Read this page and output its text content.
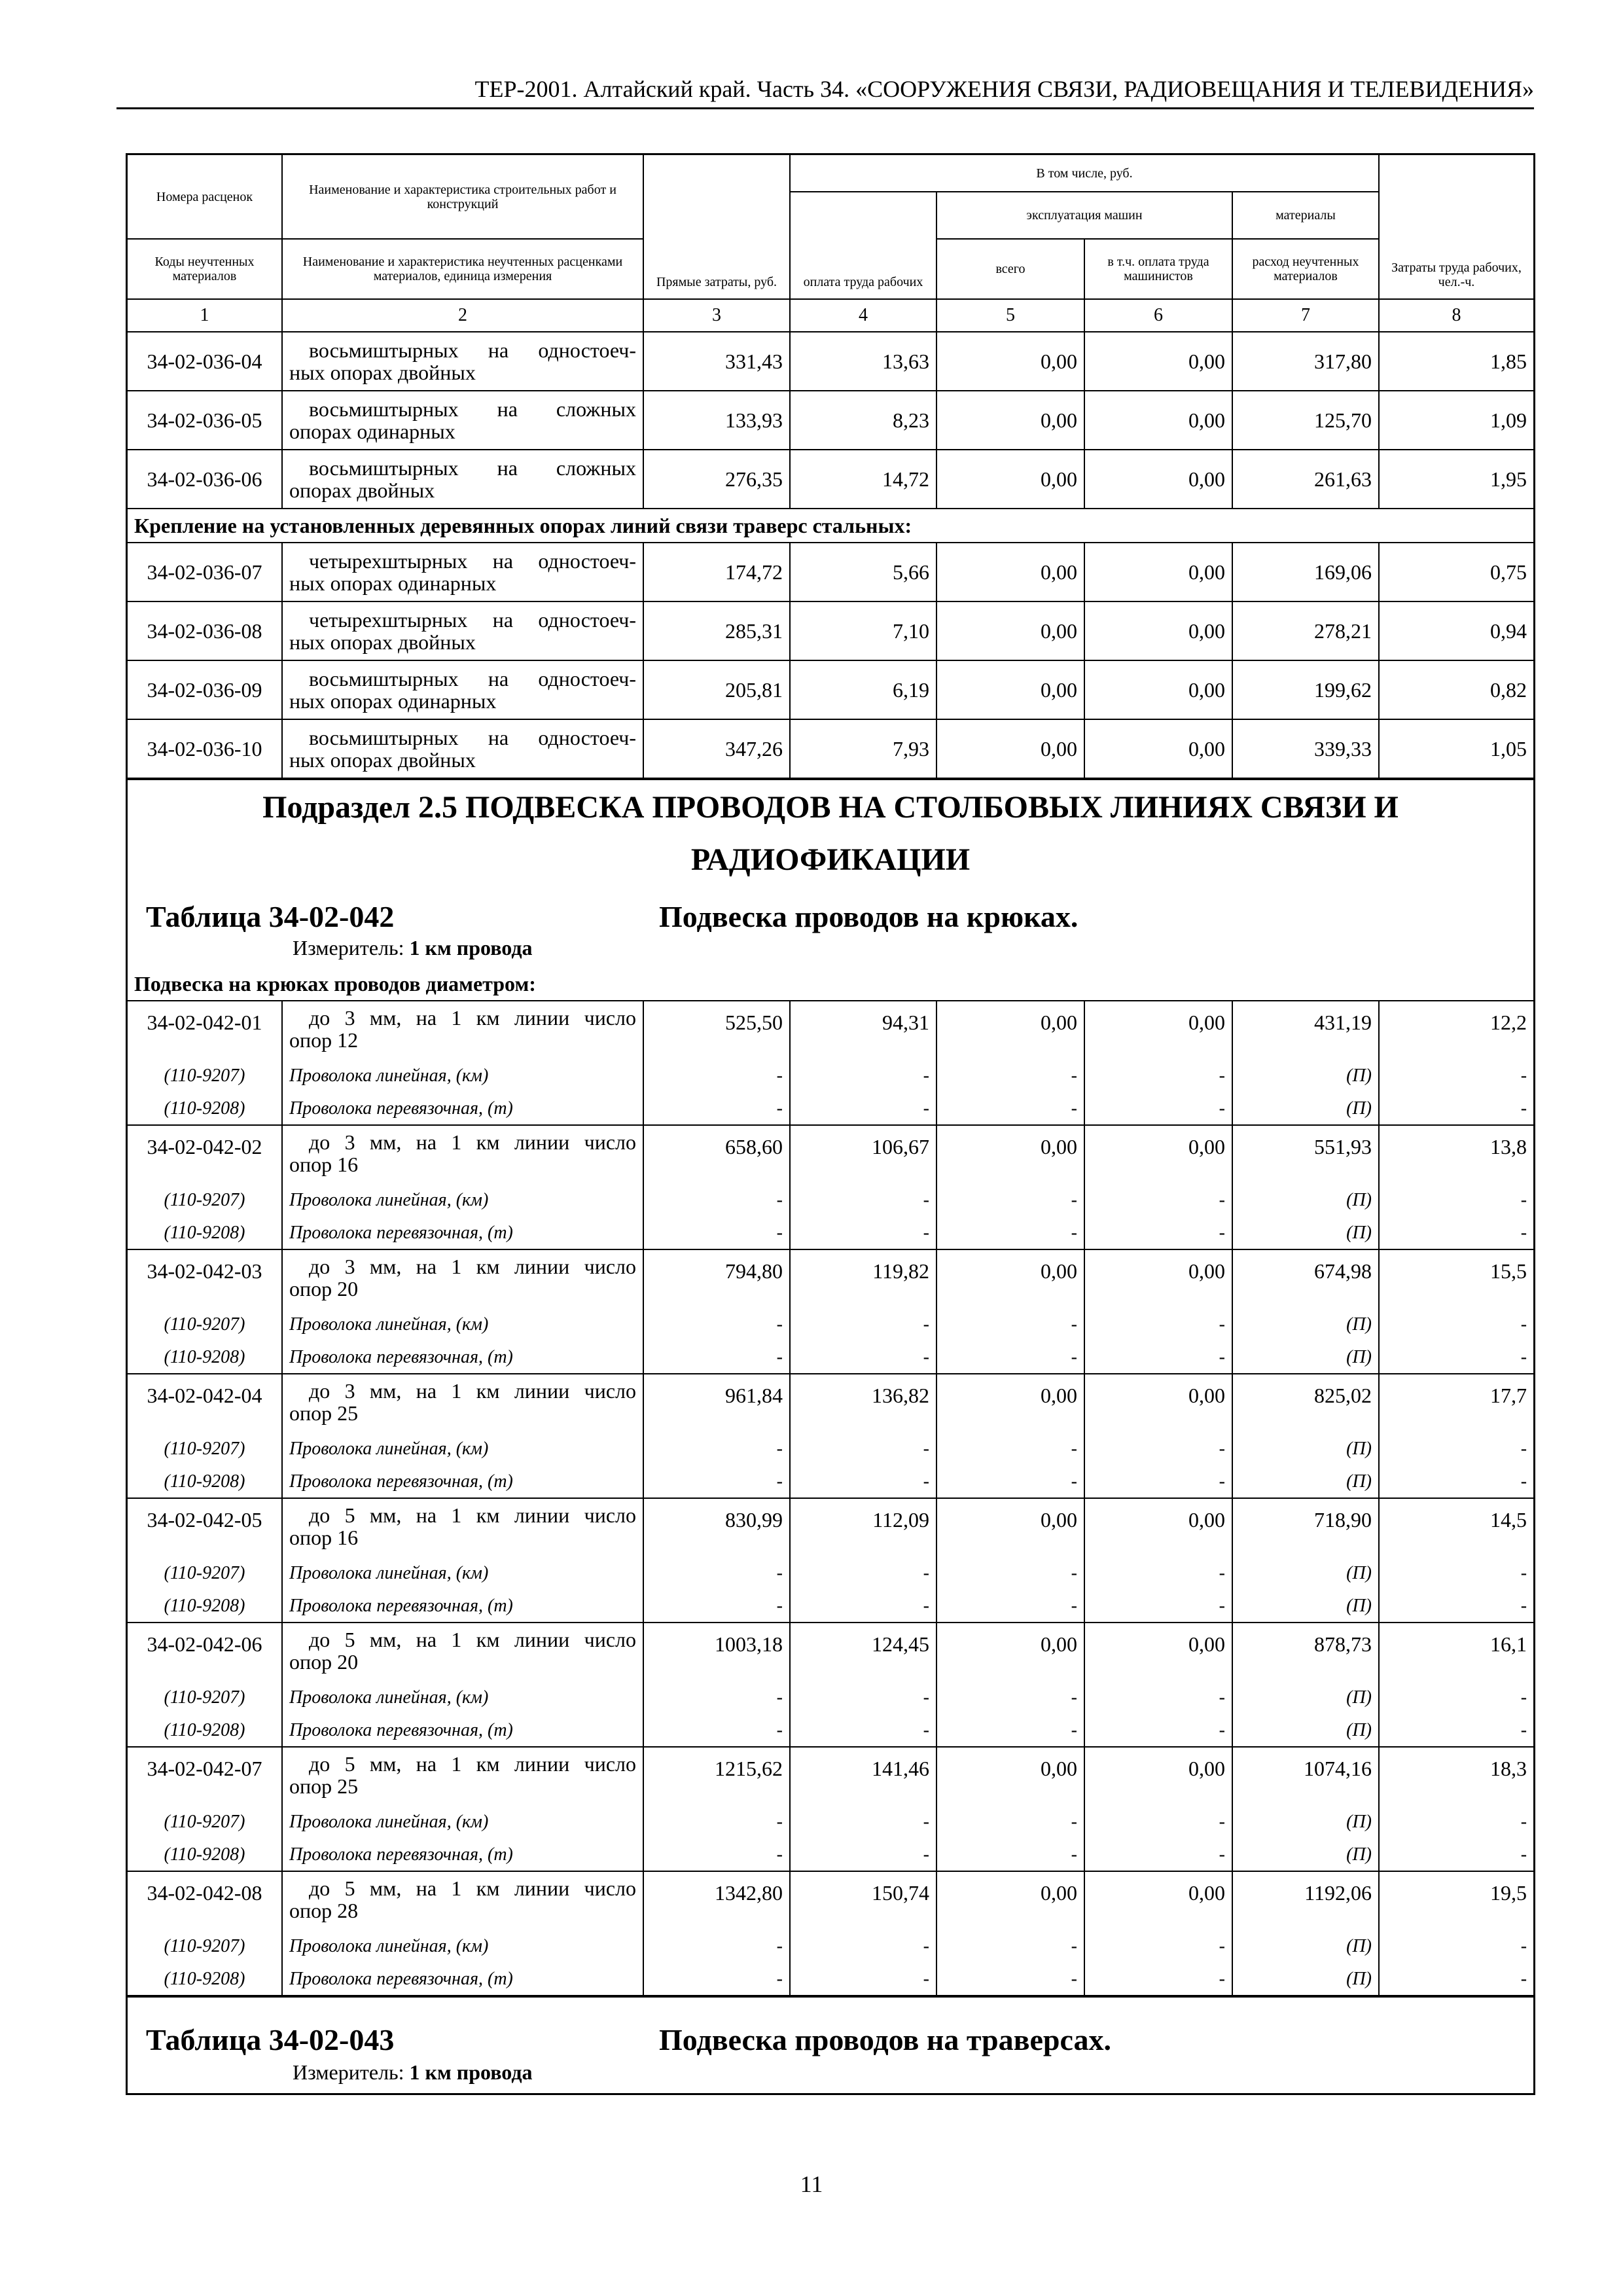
ТЕР-2001. Алтайский край. Часть 34. «СООРУЖЕНИЯ СВЯЗИ, РАДИОВЕЩАНИЯ И ТЕЛЕВИДЕНИЯ»
Номера расценок	Наименование и характеристика строительных работ и конструкций	Прямые затраты, руб.	В том числе, руб.				Затраты труда рабочих, чел.-ч.
			оплата труда рабочих	эксплуатация машин		материалы	
Коды неучтенных материалов	Наименование и характеристика неучтенных расценками материалов, единица измерения			всего	в т.ч. оплата труда машинистов	расход неучтенных материалов	
1	2	3	4	5	6	7	8
34-02-036-04	восьмиштырных на одностоеч-
ных опорах двойных	331,43	13,63	0,00	0,00	317,80	1,85
34-02-036-05	восьмиштырных на сложных
опорах одинарных	133,93	8,23	0,00	0,00	125,70	1,09
34-02-036-06	восьмиштырных на сложных
опорах двойных	276,35	14,72	0,00	0,00	261,63	1,95
Крепление на установленных деревянных опорах линий связи траверс стальных:							
34-02-036-07	четырехштырных на одностоеч-
ных опорах одинарных	174,72	5,66	0,00	0,00	169,06	0,75
34-02-036-08	четырехштырных на одностоеч-
ных опорах двойных	285,31	7,10	0,00	0,00	278,21	0,94
34-02-036-09	восьмиштырных на одностоеч-
ных опорах одинарных	205,81	6,19	0,00	0,00	199,62	0,82
34-02-036-10	восьмиштырных на одностоеч-
ных опорах двойных	347,26	7,93	0,00	0,00	339,33	1,05
Подраздел 2.5 ПОДВЕСКА ПРОВОДОВ НА СТОЛБОВЫХ ЛИНИЯХ СВЯЗИ И
РАДИОФИКАЦИИ
Таблица 34-02-042	Подвеска проводов на крюках.
Измеритель: 1 км провода
Подвеска на крюках проводов диаметром:							
34-02-042-01	до 3 мм, на 1 км линии число
опор 12	525,50	94,31	0,00	0,00	431,19	12,2
(110-9207)	Проволока линейная, (км)	-	-	-	-	(П)	-
(110-9208)	Проволока перевязочная, (т)	-	-	-	-	(П)	-
34-02-042-02	до 3 мм, на 1 км линии число
опор 16	658,60	106,67	0,00	0,00	551,93	13,8
(110-9207)	Проволока линейная, (км)	-	-	-	-	(П)	-
(110-9208)	Проволока перевязочная, (т)	-	-	-	-	(П)	-
34-02-042-03	до 3 мм, на 1 км линии число
опор 20	794,80	119,82	0,00	0,00	674,98	15,5
(110-9207)	Проволока линейная, (км)	-	-	-	-	(П)	-
(110-9208)	Проволока перевязочная, (т)	-	-	-	-	(П)	-
34-02-042-04	до 3 мм, на 1 км линии число
опор 25	961,84	136,82	0,00	0,00	825,02	17,7
(110-9207)	Проволока линейная, (км)	-	-	-	-	(П)	-
(110-9208)	Проволока перевязочная, (т)	-	-	-	-	(П)	-
34-02-042-05	до 5 мм, на 1 км линии число
опор 16	830,99	112,09	0,00	0,00	718,90	14,5
(110-9207)	Проволока линейная, (км)	-	-	-	-	(П)	-
(110-9208)	Проволока перевязочная, (т)	-	-	-	-	(П)	-
34-02-042-06	до 5 мм, на 1 км линии число
опор 20	1003,18	124,45	0,00	0,00	878,73	16,1
(110-9207)	Проволока линейная, (км)	-	-	-	-	(П)	-
(110-9208)	Проволока перевязочная, (т)	-	-	-	-	(П)	-
34-02-042-07	до 5 мм, на 1 км линии число
опор 25	1215,62	141,46	0,00	0,00	1074,16	18,3
(110-9207)	Проволока линейная, (км)	-	-	-	-	(П)	-
(110-9208)	Проволока перевязочная, (т)	-	-	-	-	(П)	-
34-02-042-08	до 5 мм, на 1 км линии число
опор 28	1342,80	150,74	0,00	0,00	1192,06	19,5
(110-9207)	Проволока линейная, (км)	-	-	-	-	(П)	-
(110-9208)	Проволока перевязочная, (т)	-	-	-	-	(П)	-
Таблица 34-02-043	Подвеска проводов на траверсах.
Измеритель: 1 км провода
11
